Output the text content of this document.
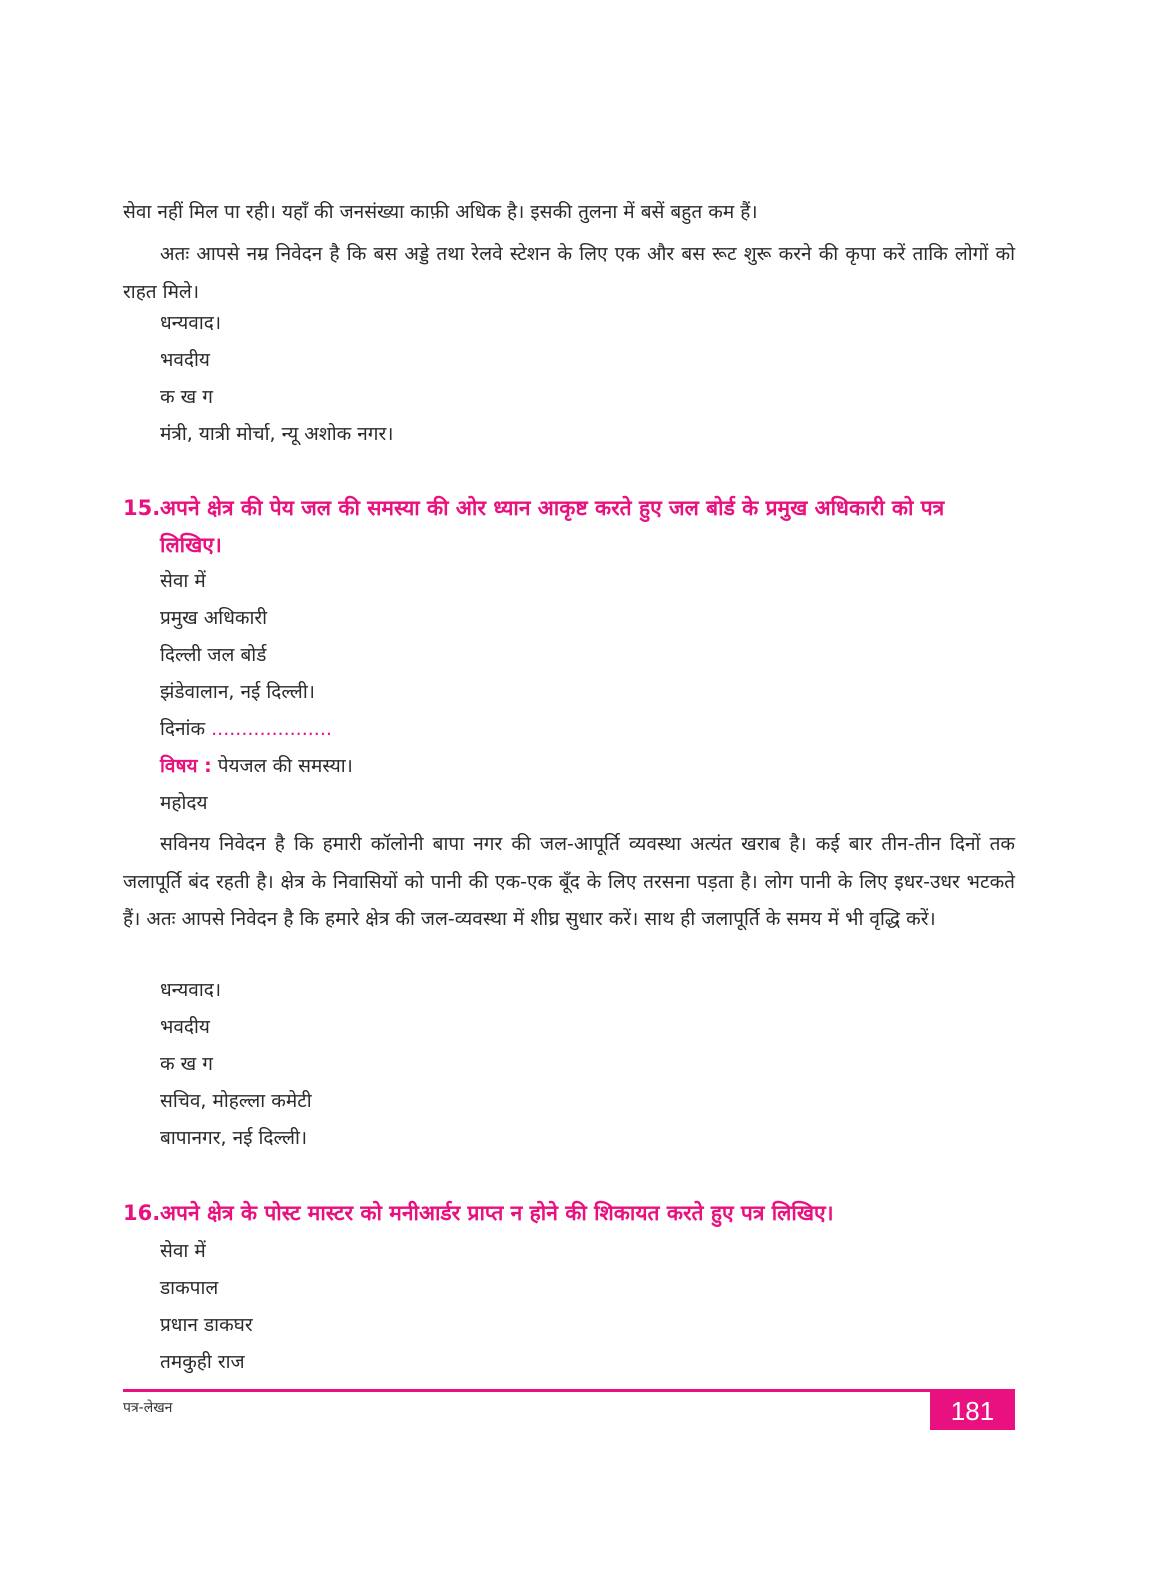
सेवा नहीं मिल पा रही। यहाँ की जनसंख्या काफ़ी अधिक है। इसकी तुलना में बसें बहुत कम हैं।
अतः आपसे नम्र निवेदन है कि बस अड्डे तथा रेलवे स्टेशन के लिए एक और बस रूट शुरू करने की कृपा करें ताकि लोगों को राहत मिले।
धन्यवाद।
भवदीय
क ख ग
मंत्री, यात्री मोर्चा, न्यू अशोक नगर।
15.अपने क्षेत्र की पेय जल की समस्या की ओर ध्यान आकृष्ट करते हुए जल बोर्ड के प्रमुख अधिकारी को पत्र
लिखिए।
सेवा में
प्रमुख अधिकारी
दिल्ली जल बोर्ड
झंडेवालान, नई दिल्ली।
दिनांक ....................
विषय : पेयजल की समस्या।
महोदय
सविनय निवेदन है कि हमारी कॉलोनी बापा नगर की जल-आपूर्ति व्यवस्था अत्यंत खराब है। कई बार तीन-तीन दिनों तक जलापूर्ति बंद रहती है। क्षेत्र के निवासियों को पानी की एक-एक बूँद के लिए तरसना पड़ता है। लोग पानी के लिए इधर-उधर भटकते हैं। अतः आपसे निवेदन है कि हमारे क्षेत्र की जल-व्यवस्था में शीघ्र सुधार करें। साथ ही जलापूर्ति के समय में भी वृद्धि करें।
धन्यवाद।
भवदीय
क ख ग
सचिव, मोहल्ला कमेटी
बापानगर, नई दिल्ली।
16.अपने क्षेत्र के पोस्ट मास्टर को मनीआर्डर प्राप्त न होने की शिकायत करते हुए पत्र लिखिए।
सेवा में
डाकपाल
प्रधान डाकघर
तमकुही राज
पत्र-लेखन	181
